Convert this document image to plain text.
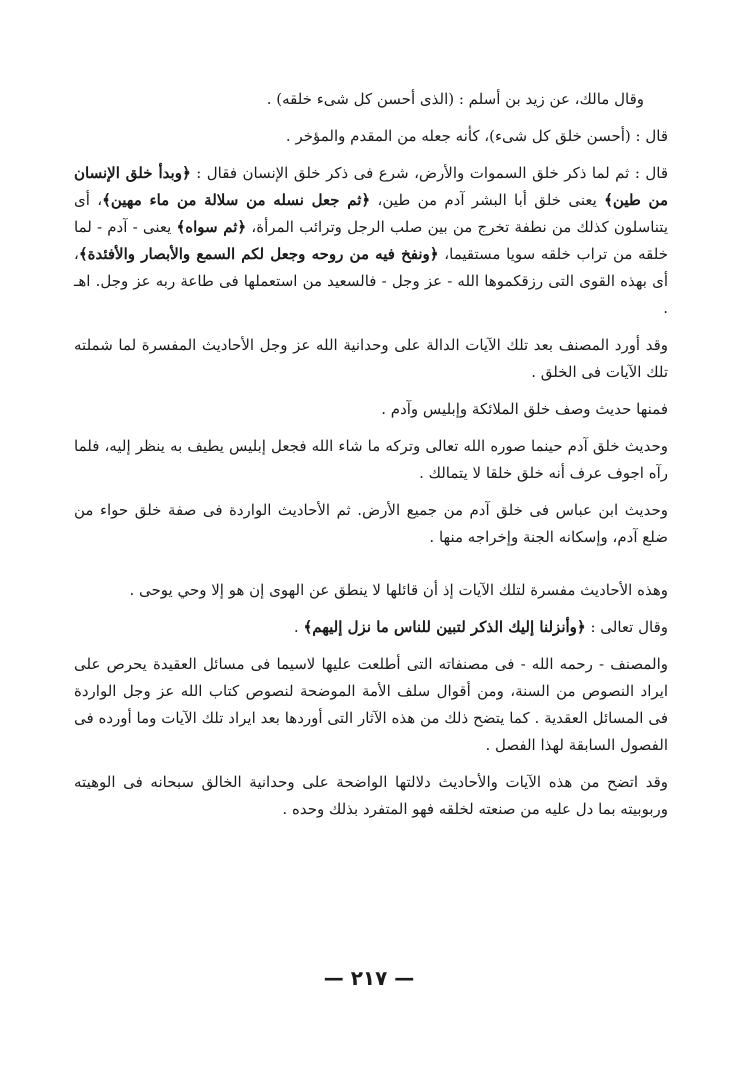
وقال مالك، عن زيد بن أسلم : (الذى أحسن كل شىء خلقه) .

قال : (أحسن خلق كل شىء)، كأنه جعله من المقدم والمؤخر .

قال : ثم لما ذكر خلق السموات والأرض، شرع فى ذكر خلق الإنسان فقال : ﴿وبدأ خلق الإنسان من طين﴾ يعنى خلق أبا البشر آدم من طين، ﴿ثم جعل نسله من سلالة من ماء مهين﴾، أى يتناسلون كذلك من نطفة تخرج من بين صلب الرجل وترائب المرأة، ﴿ثم سواه﴾ يعنى - آدم - لما خلقه من تراب خلقه سويا مستقيما، ﴿ونفخ فيه من روحه وجعل لكم السمع والأبصار والأفئدة﴾، أى بهذه القوى التى رزقكموها الله - عز وجل - فالسعيد من استعملها فى طاعة ربه عز وجل. اهـ .

وقد أورد المصنف بعد تلك الآيات الدالة على وحدانية الله عز وجل الأحاديث المفسرة لما شملته تلك الآيات فى الخلق .

فمنها حديث وصف خلق الملائكة وإبليس وآدم .

وحديث خلق آدم حينما صوره الله تعالى وتركه ما شاء الله فجعل إبليس يطيف به ينظر إليه، فلما رآه اجوف عرف أنه خلق خلقا لا يتمالك .

وحديث ابن عباس فى خلق آدم من جميع الأرض. ثم الأحاديث الواردة فى صفة خلق حواء من ضلع آدم، وإسكانه الجنة وإخراجه منها .

وهذه الأحاديث مفسرة لتلك الآيات إذ أن قائلها لا ينطق عن الهوى إن هو إلا وحي يوحى .

وقال تعالى : ﴿وأنزلنا إليك الذكر لتبين للناس ما نزل إليهم﴾ .

والمصنف - رحمه الله - فى مصنفاته التى أطلعت عليها لاسيما فى مسائل العقيدة يحرص على ايراد النصوص من السنة، ومن أقوال سلف الأمة الموضحة لنصوص كتاب الله عز وجل الواردة فى المسائل العقدية . كما يتضح ذلك من هذه الآثار التى أوردها بعد ايراد تلك الآيات وما أورده فى الفصول السابقة لهذا الفصل .

وقد اتضح من هذه الآيات والأحاديث دلالتها الواضحة على وحدانية الخالق سبحانه فى الوهيته وربوبيته بما دل عليه من صنعته لخلقه فهو المتفرد بذلك وحده .

— ٢١٧ —
